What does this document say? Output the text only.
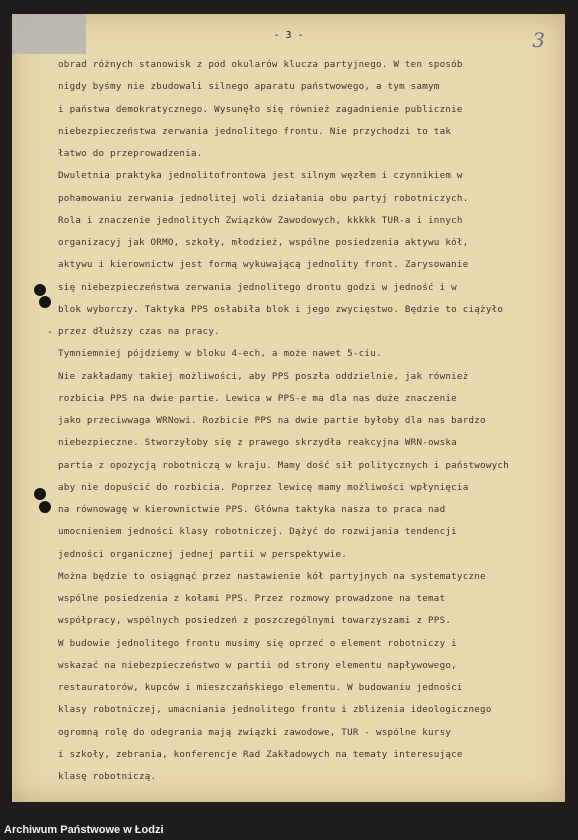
- 3 -	3
-
obrad różnych stanowisk z pod okularów klucza partyjnego. W ten sposób
nigdy byśmy nie zbudowali silnego aparatu państwowego, a tym samym
i państwa demokratycznego. Wysunęło się również zagadnienie publicznie
niebezpieczeństwa zerwania jednolitego frontu. Nie przychodzi to tak
łatwo do przeprowadzenia.
Dwuletnia praktyka jednolitofrontowa jest silnym węzłem i czynnikiem w
pohamowaniu zerwania jednolitej woli działania obu partyj robotniczych.
Rola i znaczenie jednolitych Związków Zawodowych, kkkkk TUR-a i innych
organizacyj jak ORMO, szkoły, młodzież, wspólne posiedzenia aktywu kół,
aktywu i kierownictw jest formą wykuwającą jednolity front. Zarysowanie
się niebezpieczeństwa zerwania jednolitego drontu godzi w jedność i w
blok wyborczy. Taktyka PPS osłabiła blok i jego zwycięstwo. Będzie to ciążyło
przez dłuższy czas na pracy.
Tymniemniej pójdziemy w bloku 4-ech, a może nawet 5-ciu.
Nie zakładamy takiej możliwości, aby PPS poszła oddzielnie, jak również
rozbicia PPS na dwie partie. Lewica w PPS-e ma dla nas duże znaczenie
jako przeciwwaga WRNowi. Rozbicie PPS na dwie partie byłoby dla nas bardzo
niebezpieczne. Stworzyłoby się z prawego skrzydła reakcyjna WRN-owska
partia z opozycją robotniczą w kraju. Mamy dość sił politycznych i państwowych
aby nie dopuścić do rozbicia. Poprzez lewicę mamy możliwości wpłynięcia
na równowagę w kierownictwie PPS. Główna taktyka nasza to praca nad
umocnieniem jedności klasy robotniczej. Dążyć do rozwijania tendencji
jedności organicznej jednej partii w perspektywie.
Można będzie to osiągnąć przez nastawienie kół partyjnych na systematyczne
wspólne posiedzenia z kołami PPS. Przez rozmowy prowadzone na temat
współpracy, wspólnych posiedzeń z poszczególnymi towarzyszami z PPS.
W budowie jednolitego frontu musimy się oprzeć o element robotniczy i
wskazać na niebezpieczeństwo w partii od strony elementu napływowego,
restauratorów, kupców i mieszczańskiego elementu. W budowaniu jedności
klasy robotniczej, umacniania jednolitego frontu i zbliżenia ideologicznego
ogromną rolę do odegrania mają związki zawodowe, TUR - wspólne kursy
i szkoły, zebrania, konferencje Rad Zakładowych na tematy interesujące
klasę robotniczą.
Archiwum Państwowe w Łodzi
